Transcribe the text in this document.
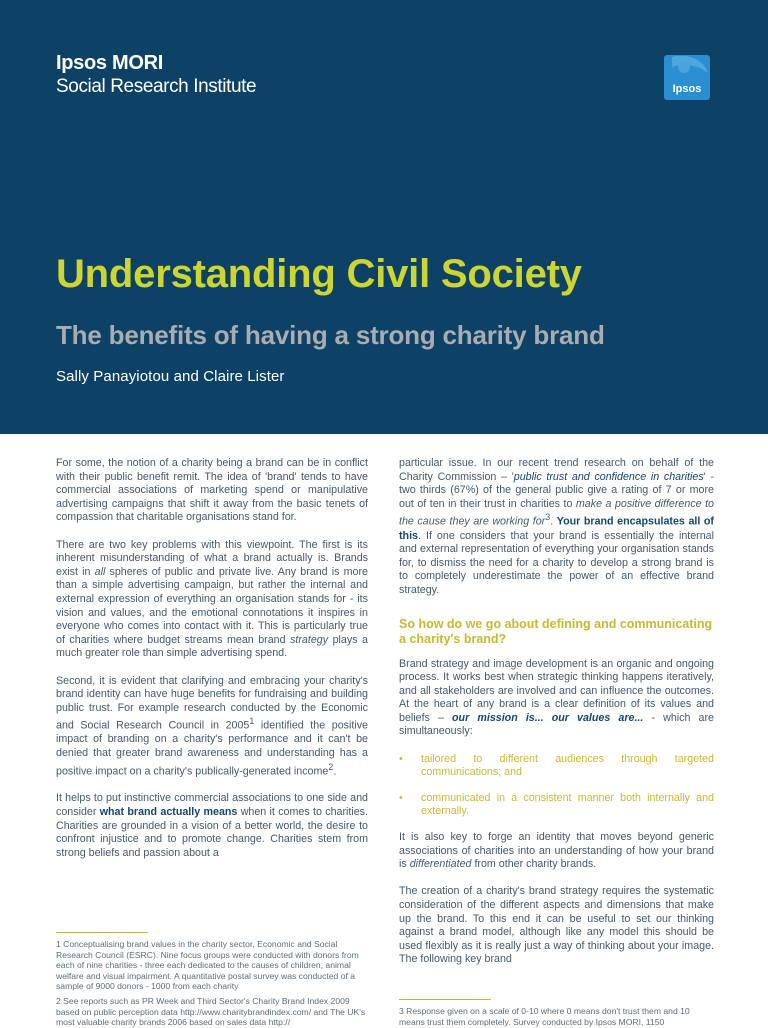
Ipsos MORI
Social Research Institute	Ipsos
Understanding Civil Society
The benefits of having a strong charity brand
Sally Panayiotou and Claire Lister

For some, the notion of a charity being a brand can be in conflict with their public benefit remit. The idea of 'brand' tends to have commercial associations of marketing spend or manipulative advertising campaigns that shift it away from the basic tenets of compassion that charitable organisations stand for.

There are two key problems with this viewpoint. The first is its inherent misunderstanding of what a brand actually is. Brands exist in all spheres of public and private live. Any brand is more than a simple advertising campaign, but rather the internal and external expression of everything an organisation stands for - its vision and values, and the emotional connotations it inspires in everyone who comes into contact with it. This is particularly true of charities where budget streams mean brand strategy plays a much greater role than simple advertising spend.

Second, it is evident that clarifying and embracing your charity's brand identity can have huge benefits for fundraising and building public trust. For example research conducted by the Economic and Social Research Council in 2005$^1$ identified the positive impact of branding on a charity's performance and it can't be denied that greater brand awareness and understanding has a positive impact on a charity's publically-generated income$^2$.

It helps to put instinctive commercial associations to one side and consider what brand actually means when it comes to charities. Charities are grounded in a vision of a better world, the desire to confront injustice and to promote change. Charities stem from strong beliefs and passion about a

particular issue. In our recent trend research on behalf of the Charity Commission – 'public trust and confidence in charities' - two thirds (67%) of the general public give a rating of 7 or more out of ten in their trust in charities to make a positive difference to the cause they are working for$^3$. Your brand encapsulates all of this. If one considers that your brand is essentially the internal and external representation of everything your organisation stands for, to dismiss the need for a charity to develop a strong brand is to completely underestimate the power of an effective brand strategy.

So how do we go about defining and communicating a charity's brand?

Brand strategy and image development is an organic and ongoing process. It works best when strategic thinking happens iteratively, and all stakeholders are involved and can influence the outcomes. At the heart of any brand is a clear definition of its values and beliefs – our mission is... our values are... - which are simultaneously:

• tailored to different audiences through targeted communications; and
• communicated in a consistent manner both internally and externally.

It is also key to forge an identity that moves beyond generic associations of charities into an understanding of how your brand is differentiated from other charity brands.

The creation of a charity's brand strategy requires the systematic consideration of the different aspects and dimensions that make up the brand. To this end it can be useful to set our thinking against a brand model, although like any model this should be used flexibly as it is really just a way of thinking about your image. The following key brand

1 Conceptualising brand values in the charity sector, Economic and Social Research Council (ESRC). Nine focus groups were conducted with donors from each of nine charities - three each dedicated to the causes of children, animal welfare and visual impairment. A quantitative postal survey was conducted of a sample of 9000 donors - 1000 from each charity
2 See reports such as PR Week and Third Sector's Charity Brand Index 2009 based on public perception data http://www.charitybrandindex.com/ and The UK's most valuable charity brands 2006 based on sales data http://
3 Response given on a scale of 0-10 where 0 means don't trust them and 10 means trust them completely. Survey conducted by Ipsos MORI, 1150
